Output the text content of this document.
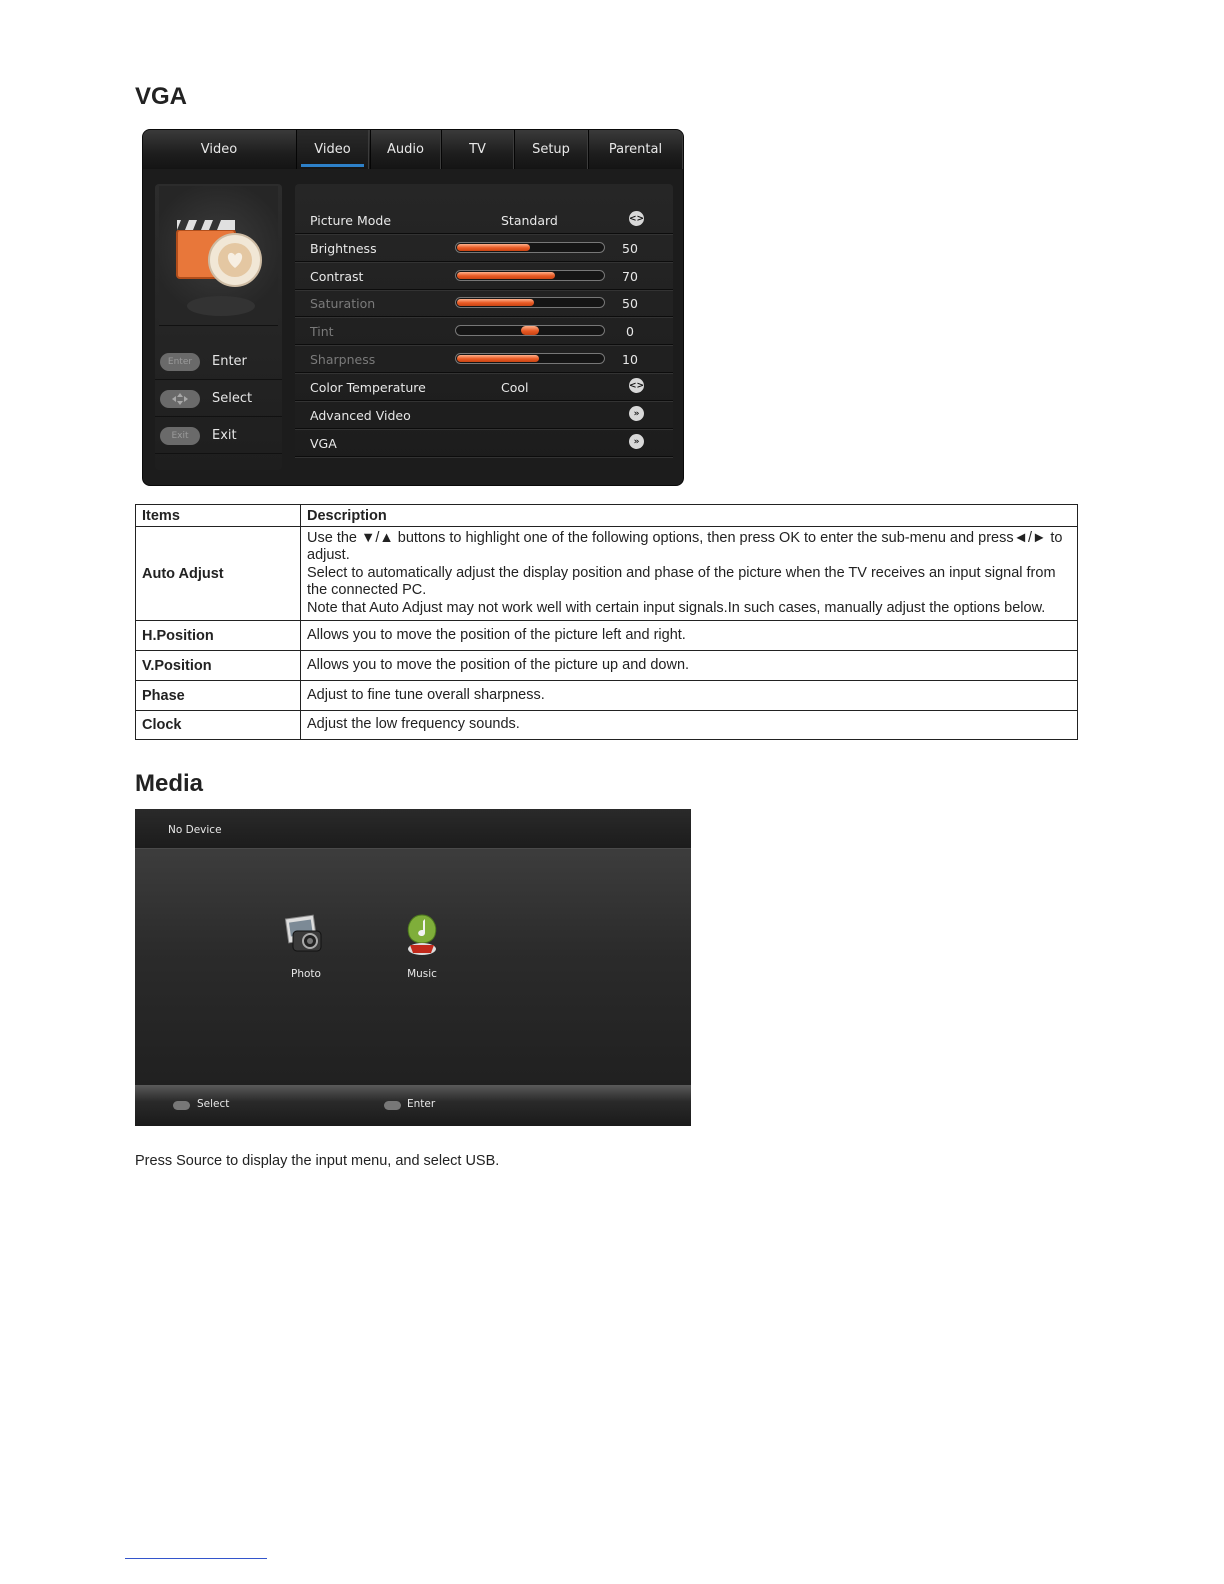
VGA
Video	Video	Audio	TV	Setup	Parental
Enter	Enter
Select
Exit	Exit
Picture Mode	Standard	<>
Brightness	50
Contrast	70
Saturation	50
Tint	0
Sharpness	10
Color Temperature	Cool	<>
Advanced Video	»
VGA	»
Items	Description
Auto Adjust	Use the ▼/▲ buttons to highlight one of the following options, then press OK to enter the sub-menu and press◄/► to adjust.
Select to automatically adjust the display position and phase of the picture when the TV receives an input signal from the connected PC.
Note that Auto Adjust may not work well with certain input signals.In such cases, manually adjust the options below.

H.Position	Allows you to move the position of the picture left and right.
V.Position	Allows you to move the position of the picture up and down.
Phase	Adjust to fine tune overall sharpness.
Clock	Adjust the low frequency sounds.
Media
No Device
Photo	Music
Select	Enter
Press Source to display the input menu, and select USB.
